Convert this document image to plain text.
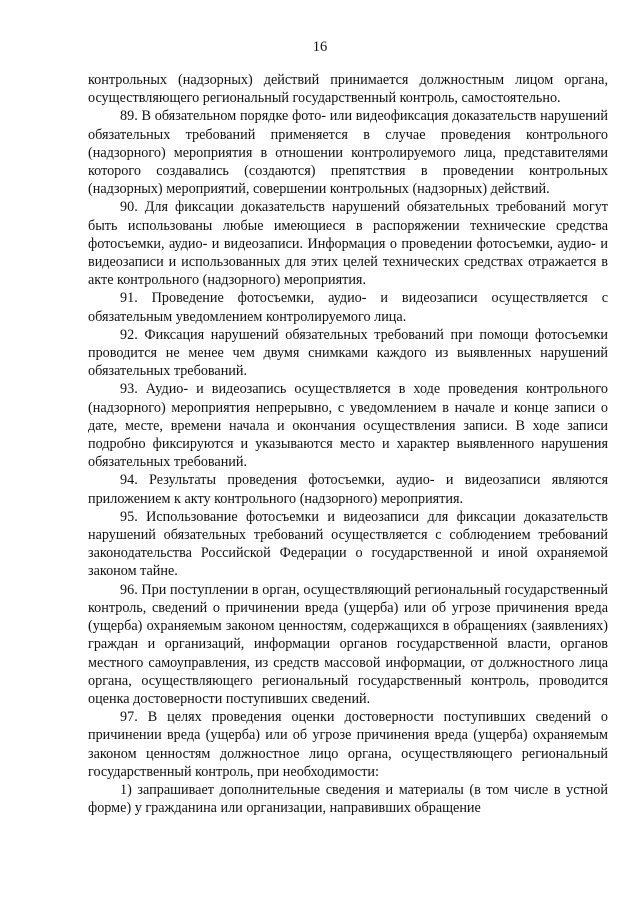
16

контрольных (надзорных) действий принимается должностным лицом органа, осуществляющего региональный государственный контроль, самостоятельно.

89. В обязательном порядке фото- или видеофиксация доказательств нарушений обязательных требований применяется в случае проведения контрольного (надзорного) мероприятия в отношении контролируемого лица, представителями которого создавались (создаются) препятствия в проведении контрольных (надзорных) мероприятий, совершении контрольных (надзорных) действий.

90. Для фиксации доказательств нарушений обязательных требований могут быть использованы любые имеющиеся в распоряжении технические средства фотосъемки, аудио- и видеозаписи. Информация о проведении фотосъемки, аудио- и видеозаписи и использованных для этих целей технических средствах отражается в акте контрольного (надзорного) мероприятия.

91. Проведение фотосъемки, аудио- и видеозаписи осуществляется с обязательным уведомлением контролируемого лица.

92. Фиксация нарушений обязательных требований при помощи фотосъемки проводится не менее чем двумя снимками каждого из выявленных нарушений обязательных требований.

93. Аудио- и видеозапись осуществляется в ходе проведения контрольного (надзорного) мероприятия непрерывно, с уведомлением в начале и конце записи о дате, месте, времени начала и окончания осуществления записи. В ходе записи подробно фиксируются и указываются место и характер выявленного нарушения обязательных требований.

94. Результаты проведения фотосъемки, аудио- и видеозаписи являются приложением к акту контрольного (надзорного) мероприятия.

95. Использование фотосъемки и видеозаписи для фиксации доказательств нарушений обязательных требований осуществляется с соблюдением требований законодательства Российской Федерации о государственной и иной охраняемой законом тайне.

96. При поступлении в орган, осуществляющий региональный государственный контроль, сведений о причинении вреда (ущерба) или об угрозе причинения вреда (ущерба) охраняемым законом ценностям, содержащихся в обращениях (заявлениях) граждан и организаций, информации органов государственной власти, органов местного самоуправления, из средств массовой информации, от должностного лица органа, осуществляющего региональный государственный контроль, проводится оценка достоверности поступивших сведений.

97. В целях проведения оценки достоверности поступивших сведений о причинении вреда (ущерба) или об угрозе причинения вреда (ущерба) охраняемым законом ценностям должностное лицо органа, осуществляющего региональный государственный контроль, при необходимости:

1) запрашивает дополнительные сведения и материалы (в том числе в устной форме) у гражданина или организации, направивших обращение
